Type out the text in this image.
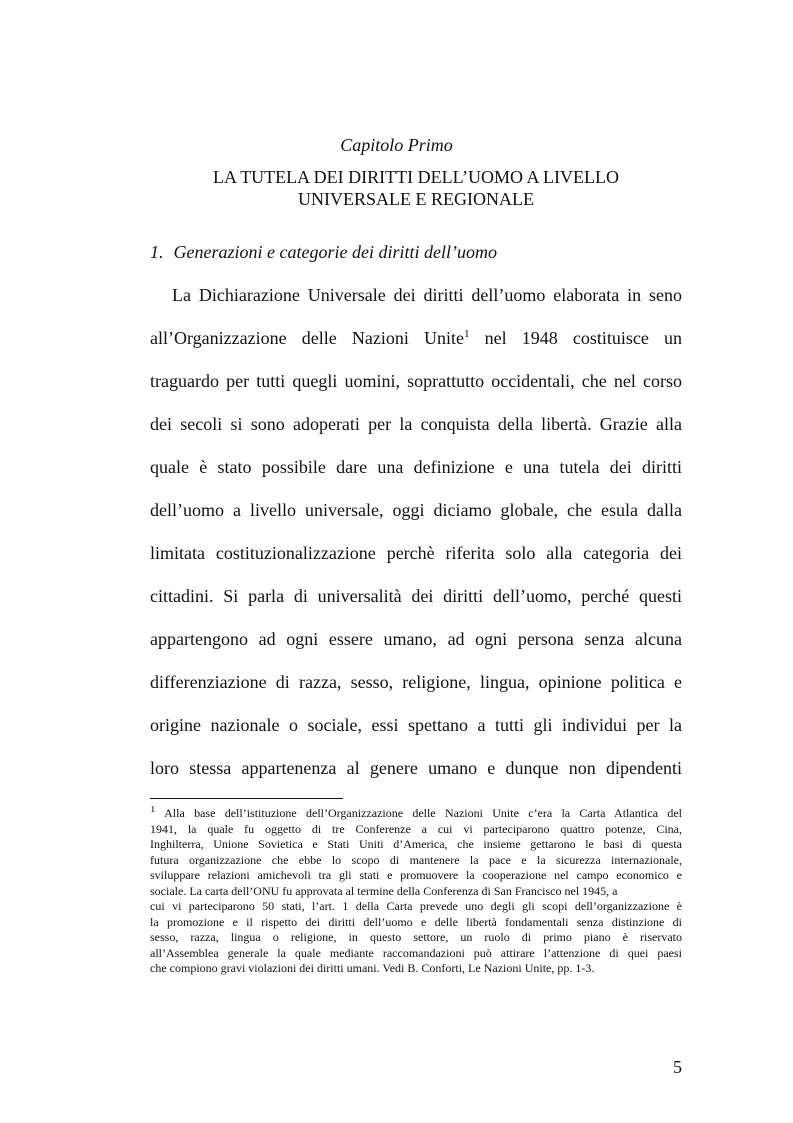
Capitolo Primo
LA TUTELA DEI DIRITTI DELL’UOMO A LIVELLO
UNIVERSALE E REGIONALE
1. Generazioni e categorie dei diritti dell’uomo
La Dichiarazione Universale dei diritti dell’uomo elaborata in seno
all’Organizzazione delle Nazioni Unite$^1$ nel 1948 costituisce un
traguardo per tutti quegli uomini, soprattutto occidentali, che nel corso
dei secoli si sono adoperati per la conquista della libertà. Grazie alla
quale è stato possibile dare una definizione e una tutela dei diritti
dell’uomo a livello universale, oggi diciamo globale, che esula dalla
limitata costituzionalizzazione perchè riferita solo alla categoria dei
cittadini. Si parla di universalità dei diritti dell’uomo, perché questi
appartengono ad ogni essere umano, ad ogni persona senza alcuna
differenziazione di razza, sesso, religione, lingua, opinione politica e
origine nazionale o sociale, essi spettano a tutti gli individui per la
loro stessa appartenenza al genere umano e dunque non dipendenti
$^1$ Alla base dell’istituzione dell’Organizzazione delle Nazioni Unite c’era la Carta Atlantica del
1941, la quale fu oggetto di tre Conferenze a cui vi parteciparono quattro potenze, Cina,
Inghilterra, Unione Sovietica e Stati Uniti d’America, che insieme gettarono le basi di questa
futura organizzazione che ebbe lo scopo di mantenere la pace e la sicurezza internazionale,
sviluppare relazioni amichevoli tra gli stati e promuovere la cooperazione nel campo economico e
sociale. La carta dell’ONU fu approvata al termine della Conferenza di San Francisco nel 1945, a
cui vi parteciparono 50 stati, l’art. 1 della Carta prevede uno degli gli scopi dell’organizzazione è
la promozione e il rispetto dei diritti dell’uomo e delle libertà fondamentali senza distinzione di
sesso, razza, lingua o religione, in questo settore, un ruolo di primo piano è riservato
all’Assemblea generale la quale mediante raccomandazioni può attirare l’attenzione di quei paesi
che compiono gravi violazioni dei diritti umani. Vedi B. Conforti, Le Nazioni Unite, pp. 1-3.
5
